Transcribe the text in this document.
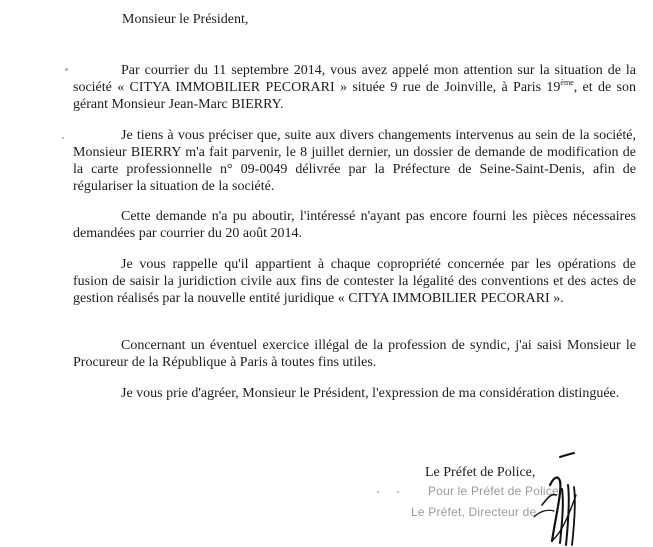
Monsieur le Président,

Par courrier du 11 septembre 2014, vous avez appelé mon attention sur la situation de la société « CITYA IMMOBILIER PECORARI » située 9 rue de Joinville, à Paris 19ème, et de son gérant Monsieur Jean-Marc BIERRY.

Je tiens à vous préciser que, suite aux divers changements intervenus au sein de la société, Monsieur BIERRY m'a fait parvenir, le 8 juillet dernier, un dossier de demande de modification de la carte professionnelle n° 09-0049 délivrée par la Préfecture de Seine-Saint-Denis, afin de régulariser la situation de la société.

Cette demande n'a pu aboutir, l'intéressé n'ayant pas encore fourni les pièces nécessaires demandées par courrier du 20 août 2014.

Je vous rappelle qu'il appartient à chaque copropriété concernée par les opérations de fusion de saisir la juridiction civile aux fins de contester la légalité des conventions et des actes de gestion réalisés par la nouvelle entité juridique « CITYA IMMOBILIER PECORARI ».

Concernant un éventuel exercice illégal de la profession de syndic, j'ai saisi Monsieur le Procureur de la République à Paris à toutes fins utiles.

Je vous prie d'agréer, Monsieur le Président, l'expression de ma considération distinguée.

Le Préfet de Police,
Pour le Préfet de Police
Le Préfet, Directeur de
